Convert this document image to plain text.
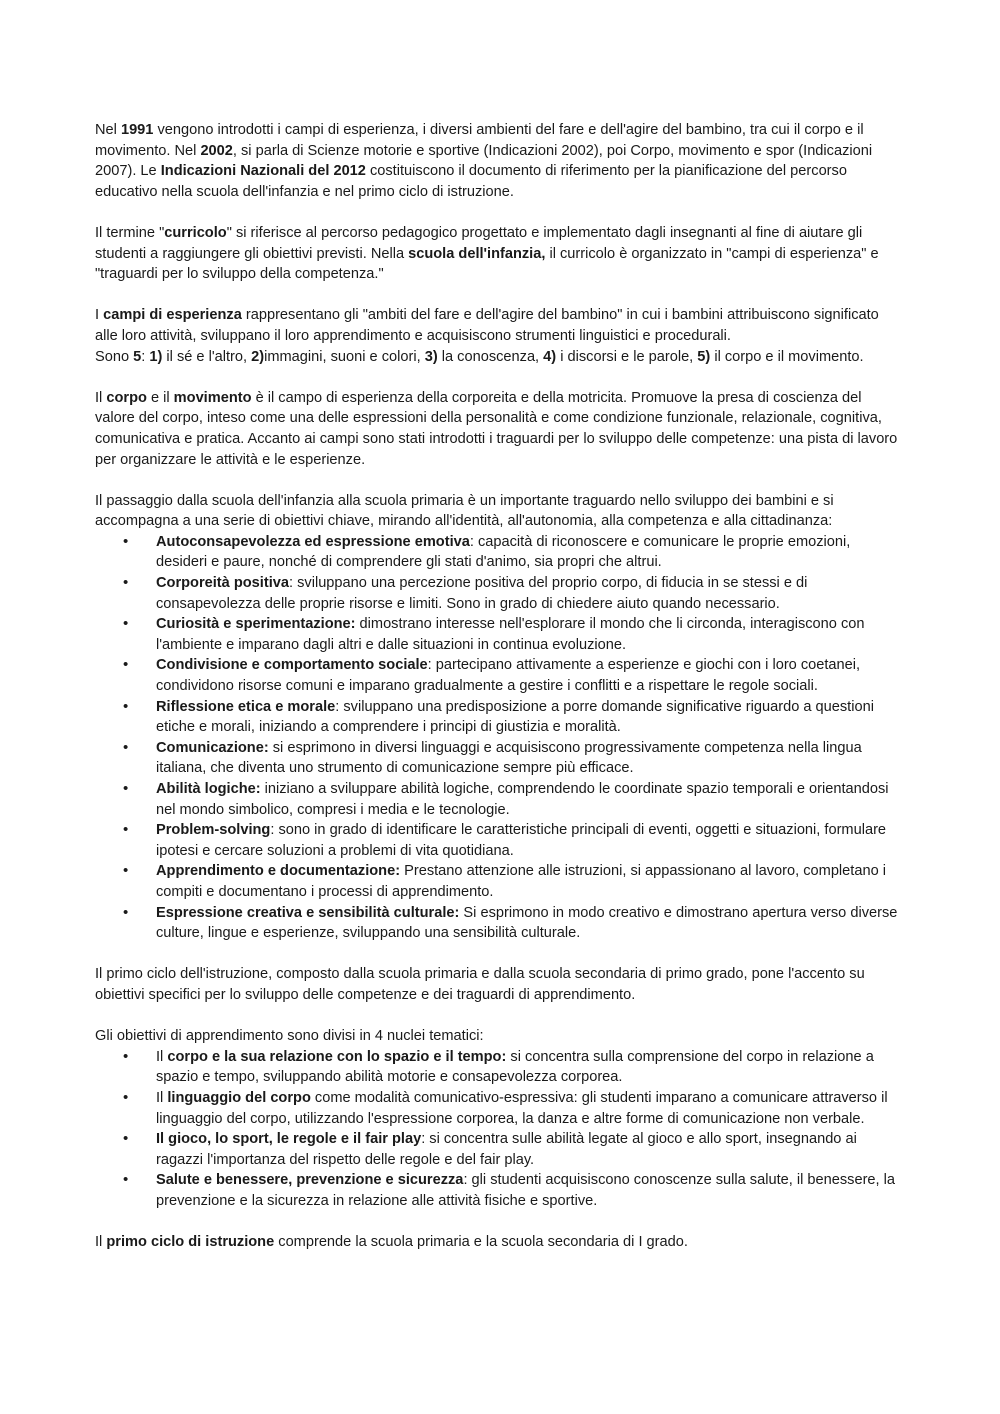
Nel 1991 vengono introdotti i campi di esperienza, i diversi ambienti del fare e dell'agire del bambino, tra cui il corpo e il movimento. Nel 2002, si parla di Scienze motorie e sportive (Indicazioni 2002), poi Corpo, movimento e spor (Indicazioni 2007). Le Indicazioni Nazionali del 2012 costituiscono il documento di riferimento per la pianificazione del percorso educativo nella scuola dell'infanzia e nel primo ciclo di istruzione.

Il termine "curricolo" si riferisce al percorso pedagogico progettato e implementato dagli insegnanti al fine di aiutare gli studenti a raggiungere gli obiettivi previsti. Nella scuola dell'infanzia, il curricolo è organizzato in "campi di esperienza" e "traguardi per lo sviluppo della competenza."

I campi di esperienza rappresentano gli "ambiti del fare e dell'agire del bambino" in cui i bambini attribuiscono significato alle loro attività, sviluppano il loro apprendimento e acquisiscono strumenti linguistici e procedurali.
Sono 5: 1) il sé e l'altro, 2)immagini, suoni e colori, 3) la conoscenza, 4) i discorsi e le parole, 5) il corpo e il movimento.

Il corpo e il movimento è il campo di esperienza della corporeita e della motricita. Promuove la presa di coscienza del valore del corpo, inteso come una delle espressioni della personalità e come condizione funzionale, relazionale, cognitiva, comunicativa e pratica. Accanto ai campi sono stati introdotti i traguardi per lo sviluppo delle competenze: una pista di lavoro per organizzare le attività e le esperienze.

Il passaggio dalla scuola dell'infanzia alla scuola primaria è un importante traguardo nello sviluppo dei bambini e si accompagna a una serie di obiettivi chiave, mirando all'identità, all'autonomia, alla competenza e alla cittadinanza:

• Autoconsapevolezza ed espressione emotiva: capacità di riconoscere e comunicare le proprie emozioni, desideri e paure, nonché di comprendere gli stati d'animo, sia propri che altrui.
• Corporeità positiva: sviluppano una percezione positiva del proprio corpo, di fiducia in se stessi e di consapevolezza delle proprie risorse e limiti. Sono in grado di chiedere aiuto quando necessario.
• Curiosità e sperimentazione: dimostrano interesse nell'esplorare il mondo che li circonda, interagiscono con l'ambiente e imparano dagli altri e dalle situazioni in continua evoluzione.
• Condivisione e comportamento sociale: partecipano attivamente a esperienze e giochi con i loro coetanei, condividono risorse comuni e imparano gradualmente a gestire i conflitti e a rispettare le regole sociali.
• Riflessione etica e morale: sviluppano una predisposizione a porre domande significative riguardo a questioni etiche e morali, iniziando a comprendere i principi di giustizia e moralità.
• Comunicazione: si esprimono in diversi linguaggi e acquisiscono progressivamente competenza nella lingua italiana, che diventa uno strumento di comunicazione sempre più efficace.
• Abilità logiche: iniziano a sviluppare abilità logiche, comprendendo le coordinate spazio temporali e orientandosi nel mondo simbolico, compresi i media e le tecnologie.
• Problem-solving: sono in grado di identificare le caratteristiche principali di eventi, oggetti e situazioni, formulare ipotesi e cercare soluzioni a problemi di vita quotidiana.
• Apprendimento e documentazione: Prestano attenzione alle istruzioni, si appassionano al lavoro, completano i compiti e documentano i processi di apprendimento.
• Espressione creativa e sensibilità culturale: Si esprimono in modo creativo e dimostrano apertura verso diverse culture, lingue e esperienze, sviluppando una sensibilità culturale.

Il primo ciclo dell'istruzione, composto dalla scuola primaria e dalla scuola secondaria di primo grado, pone l'accento su obiettivi specifici per lo sviluppo delle competenze e dei traguardi di apprendimento.

Gli obiettivi di apprendimento sono divisi in 4 nuclei tematici:

• Il corpo e la sua relazione con lo spazio e il tempo: si concentra sulla comprensione del corpo in relazione a spazio e tempo, sviluppando abilità motorie e consapevolezza corporea.
• Il linguaggio del corpo come modalità comunicativo-espressiva: gli studenti imparano a comunicare attraverso il linguaggio del corpo, utilizzando l'espressione corporea, la danza e altre forme di comunicazione non verbale.
• Il gioco, lo sport, le regole e il fair play: si concentra sulle abilità legate al gioco e allo sport, insegnando ai ragazzi l'importanza del rispetto delle regole e del fair play.
• Salute e benessere, prevenzione e sicurezza: gli studenti acquisiscono conoscenze sulla salute, il benessere, la prevenzione e la sicurezza in relazione alle attività fisiche e sportive.

Il primo ciclo di istruzione comprende la scuola primaria e la scuola secondaria di I grado.
